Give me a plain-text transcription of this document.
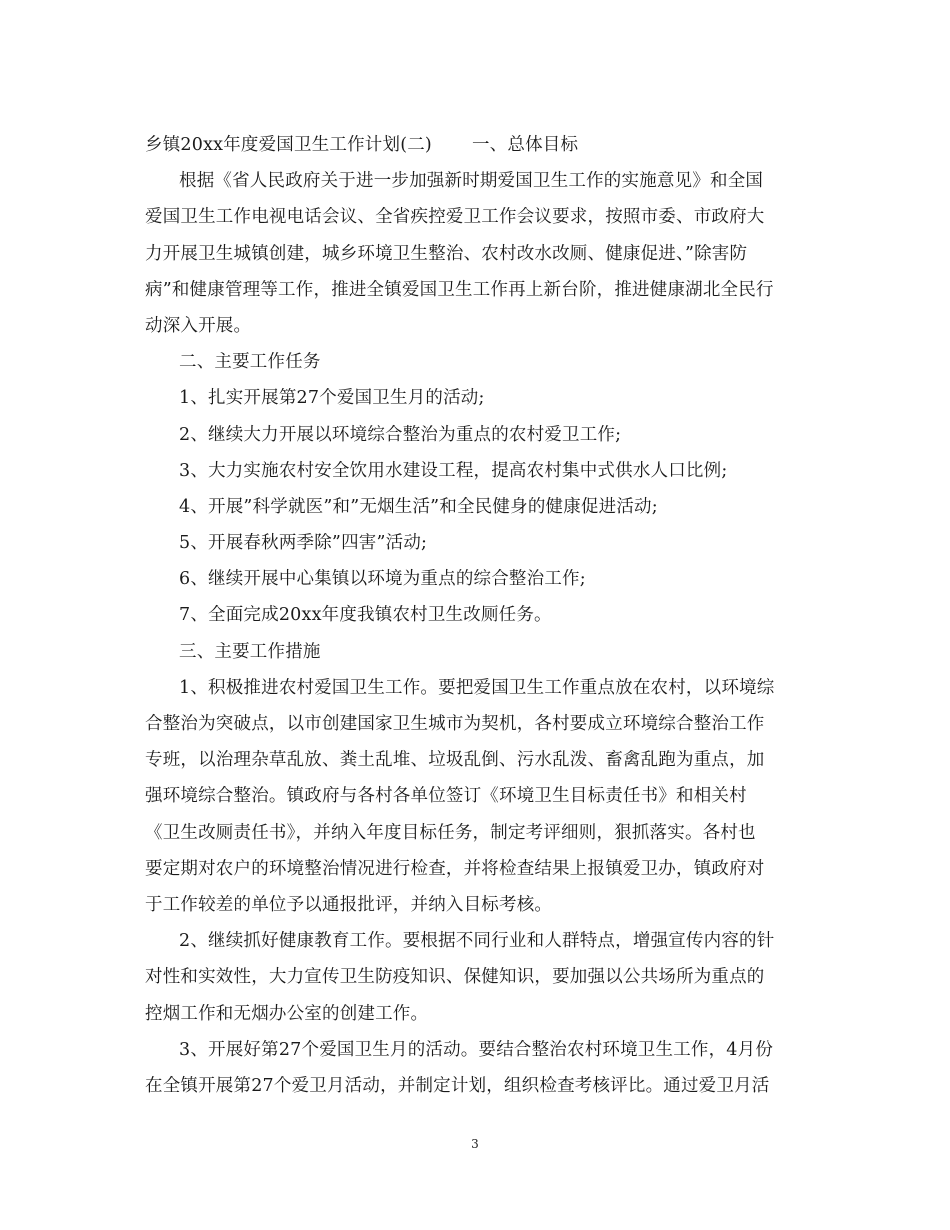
乡镇20xx年度爱国卫生工作计划(二) 一、总体目标
根据《省人民政府关于进一步加强新时期爱国卫生工作的实施意见》和全国
爱国卫生工作电视电话会议、全省疾控爱卫工作会议要求，按照市委、市政府大
力开展卫生城镇创建，城乡环境卫生整治、农村改水改厕、健康促进、”除害防
病”和健康管理等工作，推进全镇爱国卫生工作再上新台阶，推进健康湖北全民行
动深入开展。
二、主要工作任务
1、扎实开展第27个爱国卫生月的活动;
2、继续大力开展以环境综合整治为重点的农村爱卫工作;
3、大力实施农村安全饮用水建设工程，提高农村集中式供水人口比例;
4、开展”科学就医”和”无烟生活”和全民健身的健康促进活动;
5、开展春秋两季除”四害”活动;
6、继续开展中心集镇以环境为重点的综合整治工作;
7、全面完成20xx年度我镇农村卫生改厕任务。
三、主要工作措施
1、积极推进农村爱国卫生工作。要把爱国卫生工作重点放在农村，以环境综
合整治为突破点，以市创建国家卫生城市为契机，各村要成立环境综合整治工作
专班，以治理杂草乱放、粪土乱堆、垃圾乱倒、污水乱泼、畜禽乱跑为重点，加
强环境综合整治。镇政府与各村各单位签订《环境卫生目标责任书》和相关村
《卫生改厕责任书》，并纳入年度目标任务，制定考评细则，狠抓落实。各村也
要定期对农户的环境整治情况进行检查，并将检查结果上报镇爱卫办，镇政府对
于工作较差的单位予以通报批评，并纳入目标考核。
2、继续抓好健康教育工作。要根据不同行业和人群特点，增强宣传内容的针
对性和实效性，大力宣传卫生防疫知识、保健知识，要加强以公共场所为重点的
控烟工作和无烟办公室的创建工作。
3、开展好第27个爱国卫生月的活动。要结合整治农村环境卫生工作，4月份
在全镇开展第27个爱卫月活动，并制定计划，组织检查考核评比。通过爱卫月活
3
